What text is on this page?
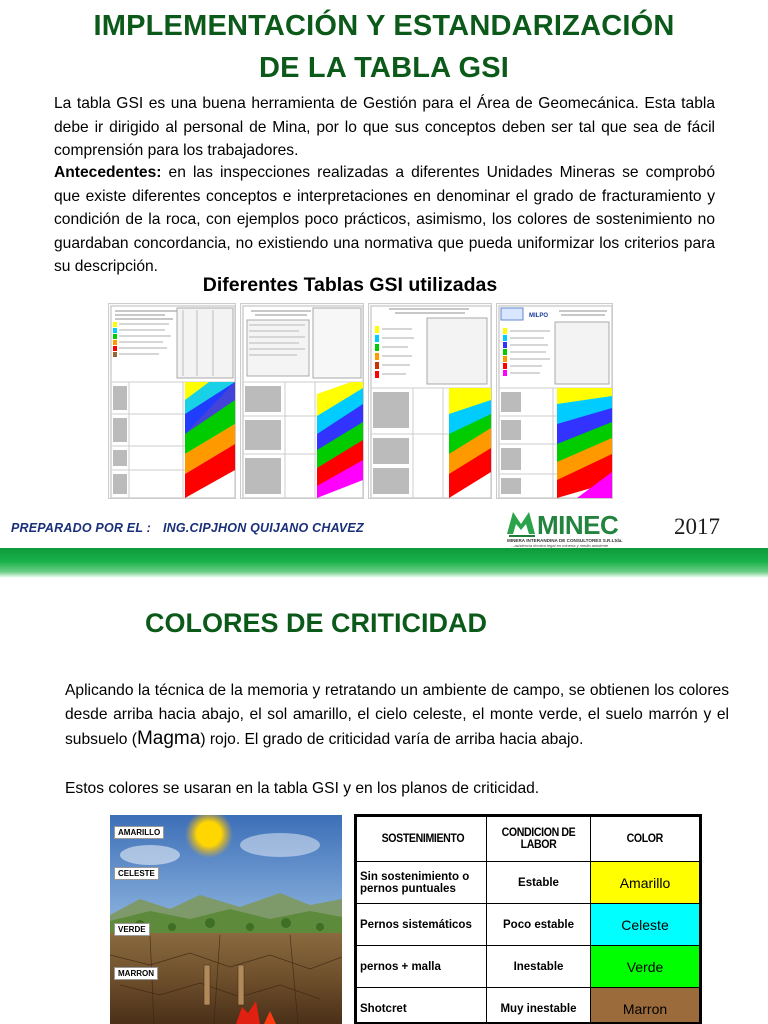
IMPLEMENTACIÓN Y ESTANDARIZACIÓN
DE LA TABLA GSI

La tabla GSI es una buena herramienta de Gestión para el Área de Geomecánica. Esta tabla debe ir dirigido al personal de Mina, por lo que sus conceptos deben ser tal que sea de fácil comprensión para los trabajadores.

Antecedentes: en las inspecciones realizadas a diferentes Unidades Mineras se comprobó que existe diferentes conceptos e interpretaciones en denominar el grado de fracturamiento y condición de la roca, con ejemplos poco prácticos, asimismo, los colores de sostenimiento no guardaban concordancia, no existiendo una normativa que pueda uniformizar los criterios para su descripción.

Diferentes Tablas GSI utilizadas
MILPO
PREPARADO POR EL : ING.CIPJHON QUIJANO CHAVEZ	MINEC
MINERA INTERANDINA DE CONSULTORES S.R.Ltda.
...asistencia técnica legal en minería y medio ambiente
2017
COLORES DE CRITICIDAD

Aplicando la técnica de la memoria y retratando un ambiente de campo, se obtienen los colores desde arriba hacia abajo, el sol amarillo, el cielo celeste, el monte verde, el suelo marrón y el subsuelo (Magma) rojo. El grado de criticidad varía de arriba hacia abajo.

Estos colores se usaran en la tabla GSI y en los planos de criticidad.

AMARILLO
CELESTE
VERDE
MARRON
SOSTENIMIENTO	CONDICION DE LABOR	COLOR
Sin sostenimiento o pernos puntuales	Estable	Amarillo
Pernos sistemáticos	Poco estable	Celeste
pernos + malla	Inestable	Verde
Shotcret	Muy inestable	Marron
